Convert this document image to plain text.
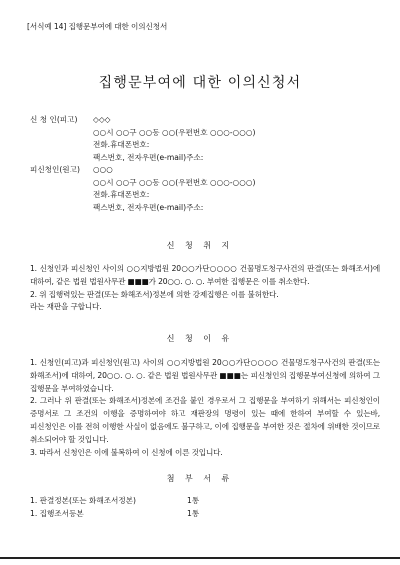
[서식예 14] 집행문부여에 대한 이의신청서
집행문부여에 대한 이의신청서
신 청 인(피고) ◇◇◇
○○시 ○○구 ○○동 ○○(우편번호 ○○○-○○○)
전화.휴대폰번호:
팩스번호, 전자우편(e-mail)주소:
피신청인(원고) ○○○
○○시 ○○구 ○○동 ○○(우편번호 ○○○-○○○)
전화.휴대폰번호:
팩스번호, 전자우편(e-mail)주소:
신 청 취 지

1. 신청인과 피신청인 사이의 ○○지방법원 20○○가단○○○○ 건물명도청구사건의 판결(또는 화해조서)에 대하여, 같은 법원 법원사무관 ■■■가 20○○. ○. ○. 부여한 집행문은 이를 취소한다.

2. 위 집행력있는 판결(또는 화해조서)정본에 의한 강제집행은 이를 불허한다.

라는 재판을 구합니다.

신 청 이 유

1. 신청인(피고)과 피신청인(원고) 사이의 ○○지방법원 20○○가단○○○○ 건물명도청구사건의 판결(또는 화해조서)에 대하여, 20○○. ○. ○. 같은 법원 법원사무관 ■■■는 피신청인의 집행문부여신청에 의하여 그 집행문을 부여하였습니다.

2. 그러나 위 판결(또는 화해조서)정본에 조건을 붙인 경우로서 그 집행문을 부여하기 위해서는 피신청인이 증명서로 그 조건의 이행을 증명하여야 하고 재판장의 명령이 있는 때에 한하여 부여할 수 있는바, 피신청인은 이를 전혀 이행한 사실이 없음에도 불구하고, 이에 집행문을 부여한 것은 절차에 위배한 것이므로 취소되어야 할 것입니다.

3. 따라서 신청인은 이에 불복하여 이 신청에 이른 것입니다.

첨 부 서 류
1. 판결정본(또는 화해조서정본)	1통
1. 집행조서등본	1통
